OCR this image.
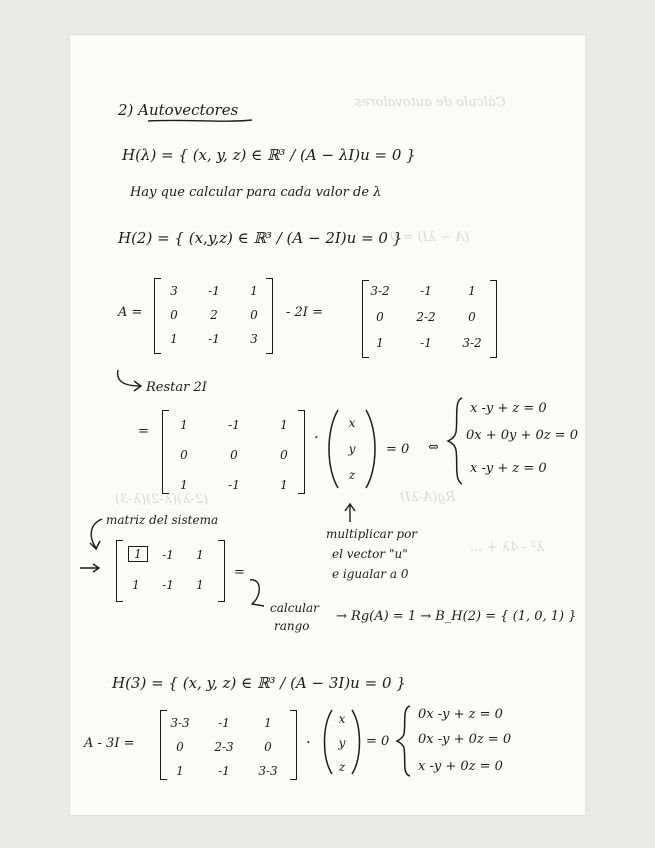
Cálculo de autovalores
(A − λI) = 0
(2-λ)(λ-2)(λ-3)	Rg(A-λI)
λ² - 4λ + ...
2) Autovectores
H(λ) = { (x, y, z) ∈ ℝ³ / (A − λI)u = 0 }
Hay que calcular para cada valor de λ
H(2) = { (x,y,z) ∈ ℝ³ / (A − 2I)u = 0 }
A =
3	-1	1
0	2	0
1	-1	3
- 2I =
3-2	-1	1
0	2-2	0
1	-1	3-2
Restar 2I
=	1	-1	1
0	0	0
1	-1	1
·
x
y
z
= 0 ⇔
x -y + z = 0
0x + 0y + 0z = 0
x -y + z = 0
multiplicar por
el vector "u"
e igualar a 0
matriz del sistema
1	-1	1
1	-1	1
=
calcular
rango
→ Rg(A) = 1 → B_H(2) = { (1, 0, 1) }
H(3) = { (x, y, z) ∈ ℝ³ / (A − 3I)u = 0 }
A - 3I =
3-3	-1	1
0	2-3	0
1	-1	3-3
·
x
y
z
= 0
0x -y + z = 0
0x -y + 0z = 0
x -y + 0z = 0
